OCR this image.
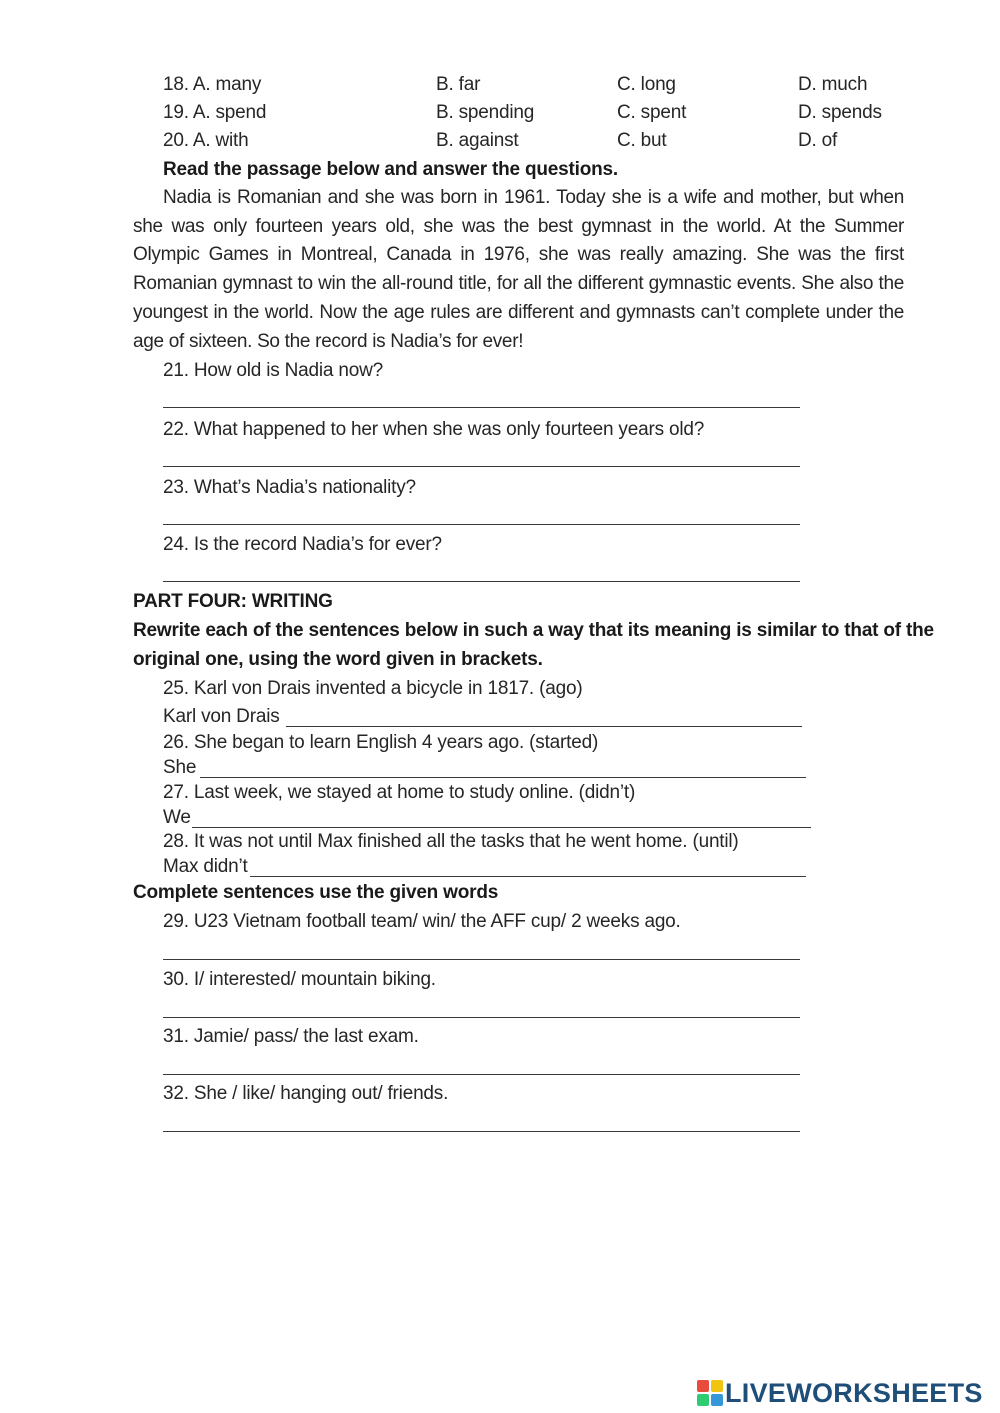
18. A. many	B. far	C. long	D. much
19. A. spend	B. spending	C. spent	D. spends
20. A. with	B. against	C. but	D. of
Read the passage below and answer the questions.
Nadia is Romanian and she was born in 1961. Today she is a wife and mother, but when she was only fourteen years old, she was the best gymnast in the world. At the Summer Olympic Games in Montreal, Canada in 1976, she was really amazing. She was the first Romanian gymnast to win the all-round title, for all the different gymnastic events. She also the youngest in the world. Now the age rules are different and gymnasts can’t complete under the age of sixteen. So the record is Nadia’s for ever!
21. How old is Nadia now?
22. What happened to her when she was only fourteen years old?
23. What’s Nadia’s nationality?
24. Is the record Nadia’s for ever?
PART FOUR: WRITING
Rewrite each of the sentences below in such a way that its meaning is similar to that of the
original one, using the word given in brackets.
25. Karl von Drais invented a bicycle in 1817. (ago)
Karl von Drais
26. She began to learn English 4 years ago. (started)
She
27. Last week, we stayed at home to study online. (didn’t)
We
28. It was not until Max finished all the tasks that he went home. (until)
Max didn’t
Complete sentences use the given words
29. U23 Vietnam football team/ win/ the AFF cup/ 2 weeks ago.
30. I/ interested/ mountain biking.
31. Jamie/ pass/ the last exam.
32. She / like/ hanging out/ friends.
LIVEWORKSHEETS
